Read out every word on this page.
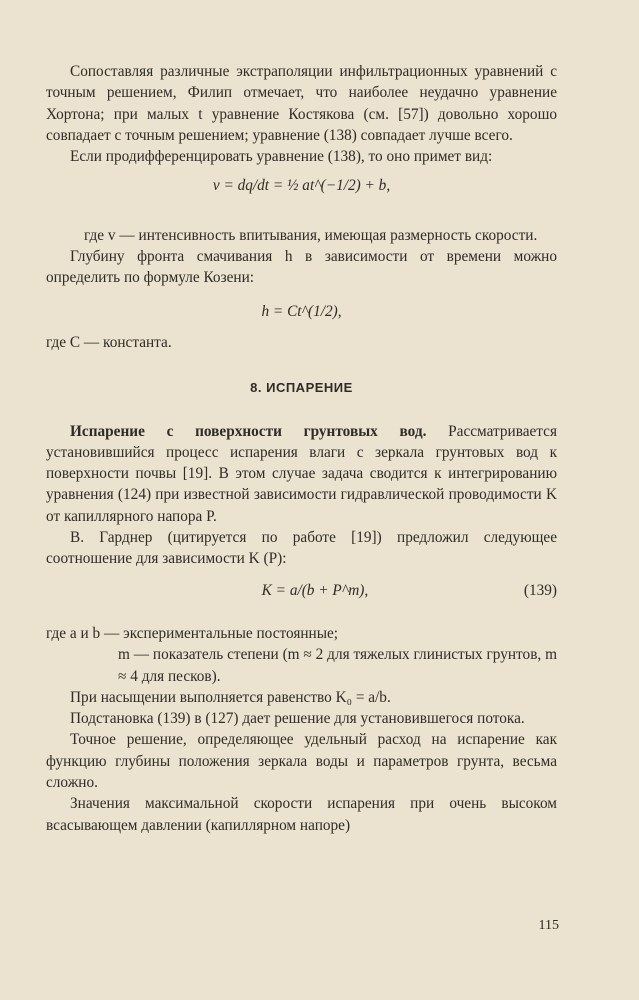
Сопоставляя различные экстраполяции инфильтрационных уравнений с точным решением, Филип отмечает, что наиболее неудачно уравнение Хортона; при малых t уравнение Костякова (см. [57]) довольно хорошо совпадает с точным решением; уравнение (138) совпадает лучше всего.

Если продифференцировать уравнение (138), то оно примет вид:

v = dq/dt = ½ at^(−1/2) + b,

где v — интенсивность впитывания, имеющая размерность скорости.

Глубину фронта смачивания h в зависимости от времени можно определить по формуле Козени:

h = Ct^(1/2),

где C — константа.

8. ИСПАРЕНИЕ

Испарение с поверхности грунтовых вод. Рассматривается установившийся процесс испарения влаги с зеркала грунтовых вод к поверхности почвы [19]. В этом случае задача сводится к интегрированию уравнения (124) при известной зависимости гидравлической проводимости K от капиллярного напора P.

В. Гарднер (цитируется по работе [19]) предложил следующее соотношение для зависимости K (P):

K = a/(b + P^m),	(139)

где a и b — экспериментальные постоянные;

m — показатель степени (m ≈ 2 для тяжелых глинистых грунтов, m ≈ 4 для песков).

При насыщении выполняется равенство K₀ = a/b.

Подстановка (139) в (127) дает решение для установившегося потока.

Точное решение, определяющее удельный расход на испарение как функцию глубины положения зеркала воды и параметров грунта, весьма сложно.

Значения максимальной скорости испарения при очень высоком всасывающем давлении (капиллярном напоре)

115
